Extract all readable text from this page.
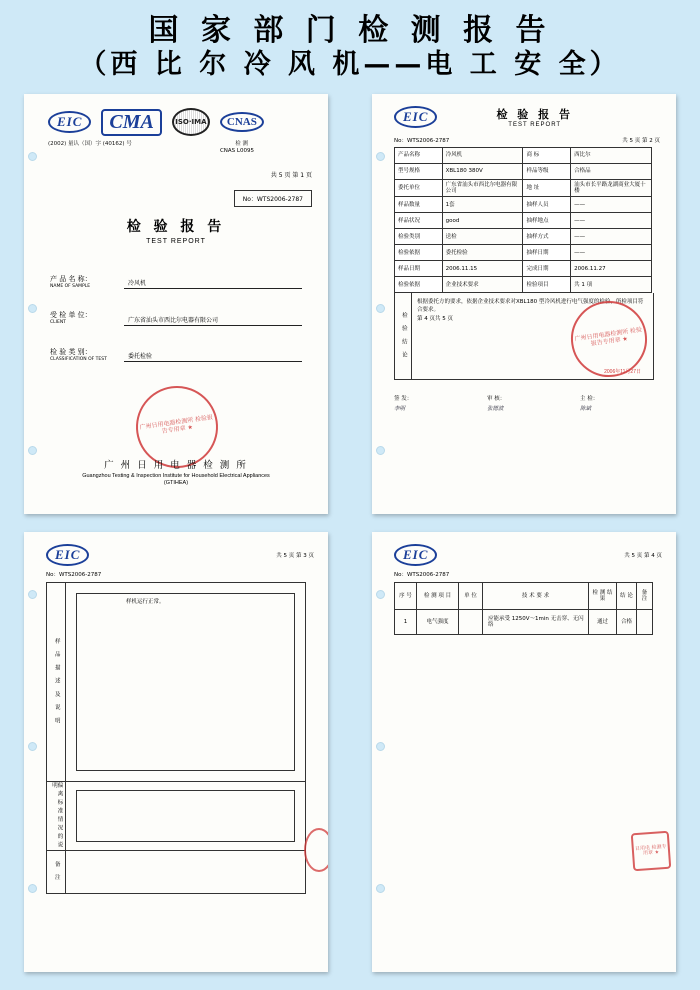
国 家 部 门 检 测 报 告
（西 比 尔 冷 风 机——电 工 安 全）
EIC	CMA	ISO·IMA	CNAS
(2002) 量认（国）字 (40162) 号	检 测
CNAS L0095
共 5 页 第 1 页
No：WTS2006-2787
检 验 报 告
TEST REPORT
产 品 名 称：
NAME OF SAMPLE	冷风机
受 检 单 位：
CLIENT	广东省汕头市西比尔电器有限公司
检 验 类 别：
CLASSIFICATION OF TEST	委托检验
广州日用电器检测所 检验报告专用章 ★
广 州 日 用 电 器 检 测 所
Guangzhou Testing & Inspection Institute for Household Electrical Appliances
(GTIHEA)
EIC	检 验 报 告
TEST REPORT
No：WTS2006-2787	共 5 页 第 2 页
产品名称	冷风机	商 标	西比尔
型号规格	XBL180 380V	样品等级	合格品
委托单位	广东省汕头市西比尔电器有限公司	地 址	汕头市长平路龙湖商业大厦十楼
样品数量	1套	抽样人员	——
样品状况	good	抽样地点	——
检验类别	送检	抽样方式	——
检验依据	委托检验	抽样日期	——
样品日期	2006.11.15	完成日期	2006.11.27
检验依据	企业技术要求	检验项目	共 1 项
检 验 结 论
根据委托方的要求，依据企业技术要求对XBL180 型冷风机进行电气强度的检验，所检项目符合要求。
第 4 页共 5 页
广州日用电器检测所 检验报告专用章 ★
2006年11月27日
签 发：	审 核：	主 检：
李明	张德波	陈斌
EIC	共 5 页 第 3 页
No：WTS2006-2787
样 品 描 述 及 说 明
偏离标准情况的说明
备 注
样机运行正常。
EIC	共 5 页 第 4 页
No：WTS2006-2787
序 号	检 测 项 目	单 位	技 术 要 求	检 测 结 果	结 论	备 注
1	电气强度		应能承受 1250V～1min 无击穿、无闪络	通过	合格	
日用电 检测专用章 ★
